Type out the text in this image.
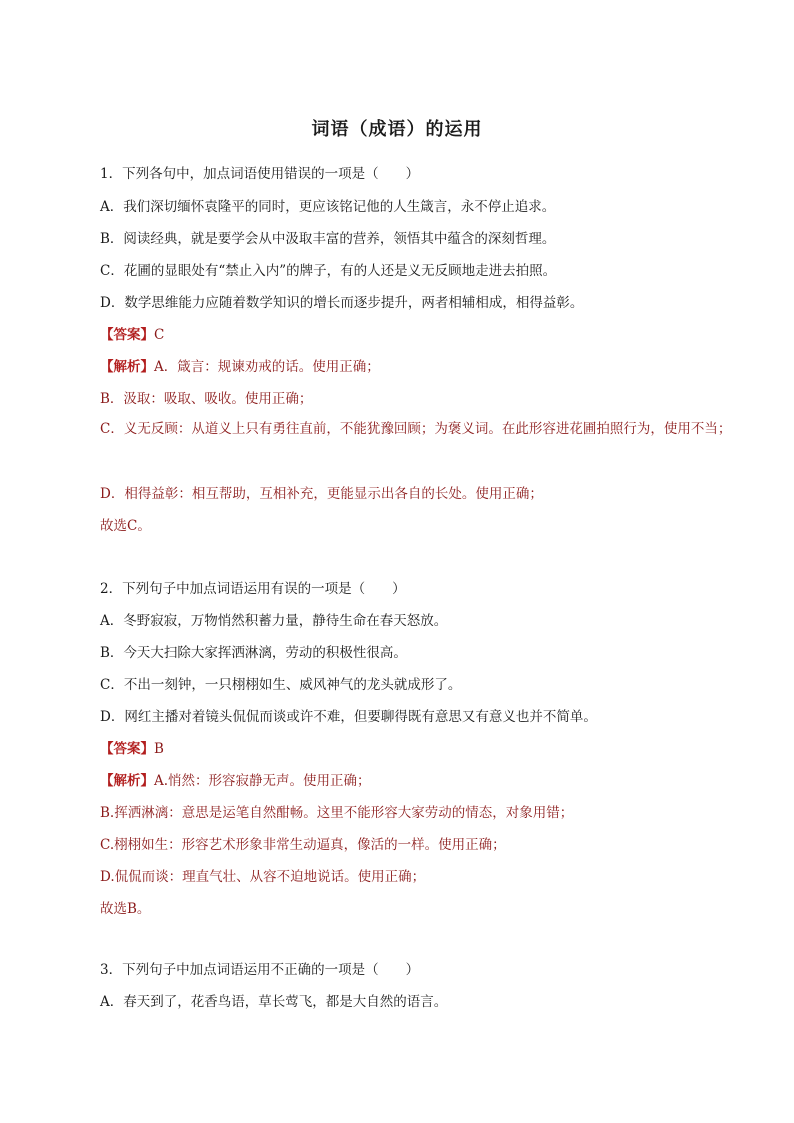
词语（成语）的运用
1．下列各句中，加点词语使用错误的一项是（　　）
A．我们深切缅怀袁隆平的同时，更应该铭记他的人生箴言，永不停止追求。
B．阅读经典，就是要学会从中汲取丰富的营养，领悟其中蕴含的深刻哲理。
C．花圃的显眼处有“禁止入内”的牌子，有的人还是义无反顾地走进去拍照。
D．数学思维能力应随着数学知识的增长而逐步提升，两者相辅相成，相得益彰。
【答案】C
【解析】A．箴言：规谏劝戒的话。使用正确；
B．汲取：吸取、吸收。使用正确；
C．义无反顾：从道义上只有勇往直前，不能犹豫回顾；为褒义词。在此形容进花圃拍照行为，使用不当；
D．相得益彰：相互帮助，互相补充，更能显示出各自的长处。使用正确；
故选C。
2．下列句子中加点词语运用有误的一项是（　　）
A．冬野寂寂，万物悄然积蓄力量，静待生命在春天怒放。
B．今天大扫除大家挥洒淋漓，劳动的积极性很高。
C．不出一刻钟，一只栩栩如生、威风神气的龙头就成形了。
D．网红主播对着镜头侃侃而谈或许不难，但要聊得既有意思又有意义也并不简单。
【答案】B
【解析】A.悄然：形容寂静无声。使用正确；
B.挥洒淋漓：意思是运笔自然酣畅。这里不能形容大家劳动的情态，对象用错；
C.栩栩如生：形容艺术形象非常生动逼真，像活的一样。使用正确；
D.侃侃而谈：理直气壮、从容不迫地说话。使用正确；
故选B。
3．下列句子中加点词语运用不正确的一项是（　　）
A．春天到了，花香鸟语，草长莺飞，都是大自然的语言。
